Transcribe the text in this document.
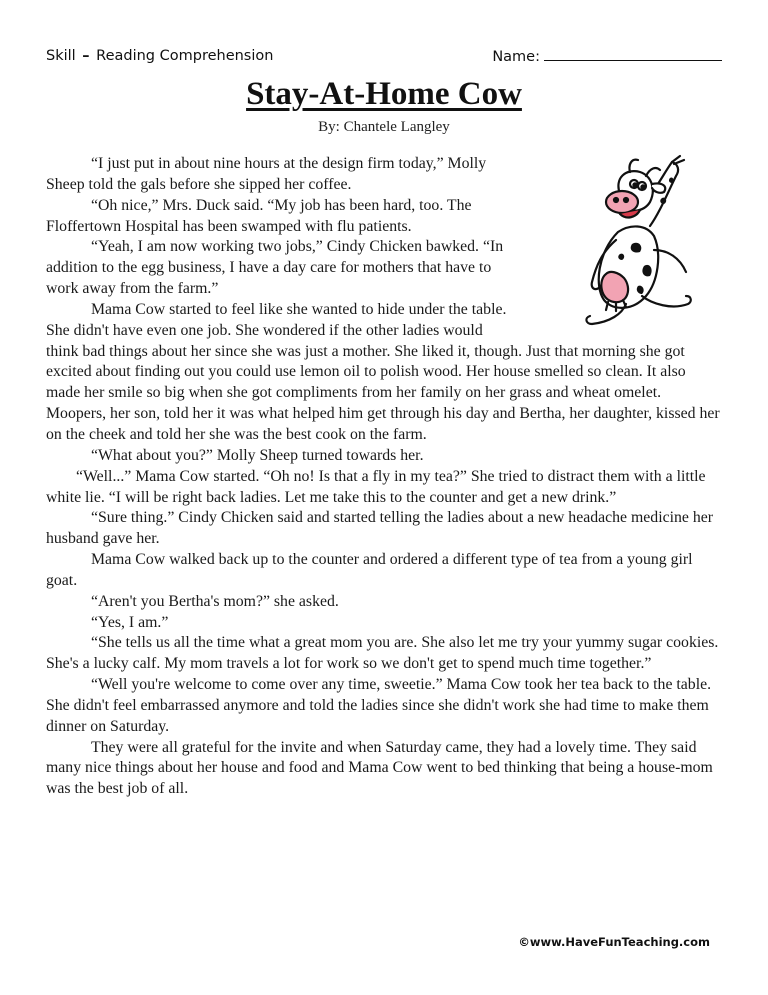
Skill – Reading Comprehension	Name:
Stay-At-Home Cow
By: Chantele Langley

“I just put in about nine hours at the design firm today,” Molly Sheep told the gals before she sipped her coffee.

“Oh nice,” Mrs. Duck said. “My job has been hard, too. The Floffertown Hospital has been swamped with flu patients.

“Yeah, I am now working two jobs,” Cindy Chicken bawked. “In addition to the egg business, I have a day care for mothers that have to work away from the farm.”

Mama Cow started to feel like she wanted to hide under the table. She didn't have even one job. She wondered if the other ladies would think bad things about her since she was just a mother. She liked it, though. Just that morning she got excited about finding out you could use lemon oil to polish wood. Her house smelled so clean. It also made her smile so big when she got compliments from her family on her grass and wheat omelet. Moopers, her son, told her it was what helped him get through his day and Bertha, her daughter, kissed her on the cheek and told her she was the best cook on the farm.

“What about you?” Molly Sheep turned towards her.

“Well...” Mama Cow started. “Oh no! Is that a fly in my tea?” She tried to distract them with a little white lie. “I will be right back ladies. Let me take this to the counter and get a new drink.”

“Sure thing.” Cindy Chicken said and started telling the ladies about a new headache medicine her husband gave her.

Mama Cow walked back up to the counter and ordered a different type of tea from a young girl goat.

“Aren't you Bertha's mom?” she asked.

“Yes, I am.”

“She tells us all the time what a great mom you are. She also let me try your yummy sugar cookies. She's a lucky calf. My mom travels a lot for work so we don't get to spend much time together.”

“Well you're welcome to come over any time, sweetie.” Mama Cow took her tea back to the table. She didn't feel embarrassed anymore and told the ladies since she didn't work she had time to make them dinner on Saturday.

They were all grateful for the invite and when Saturday came, they had a lovely time. They said many nice things about her house and food and Mama Cow went to bed thinking that being a house-mom was the best job of all.

©www.HaveFunTeaching.com
